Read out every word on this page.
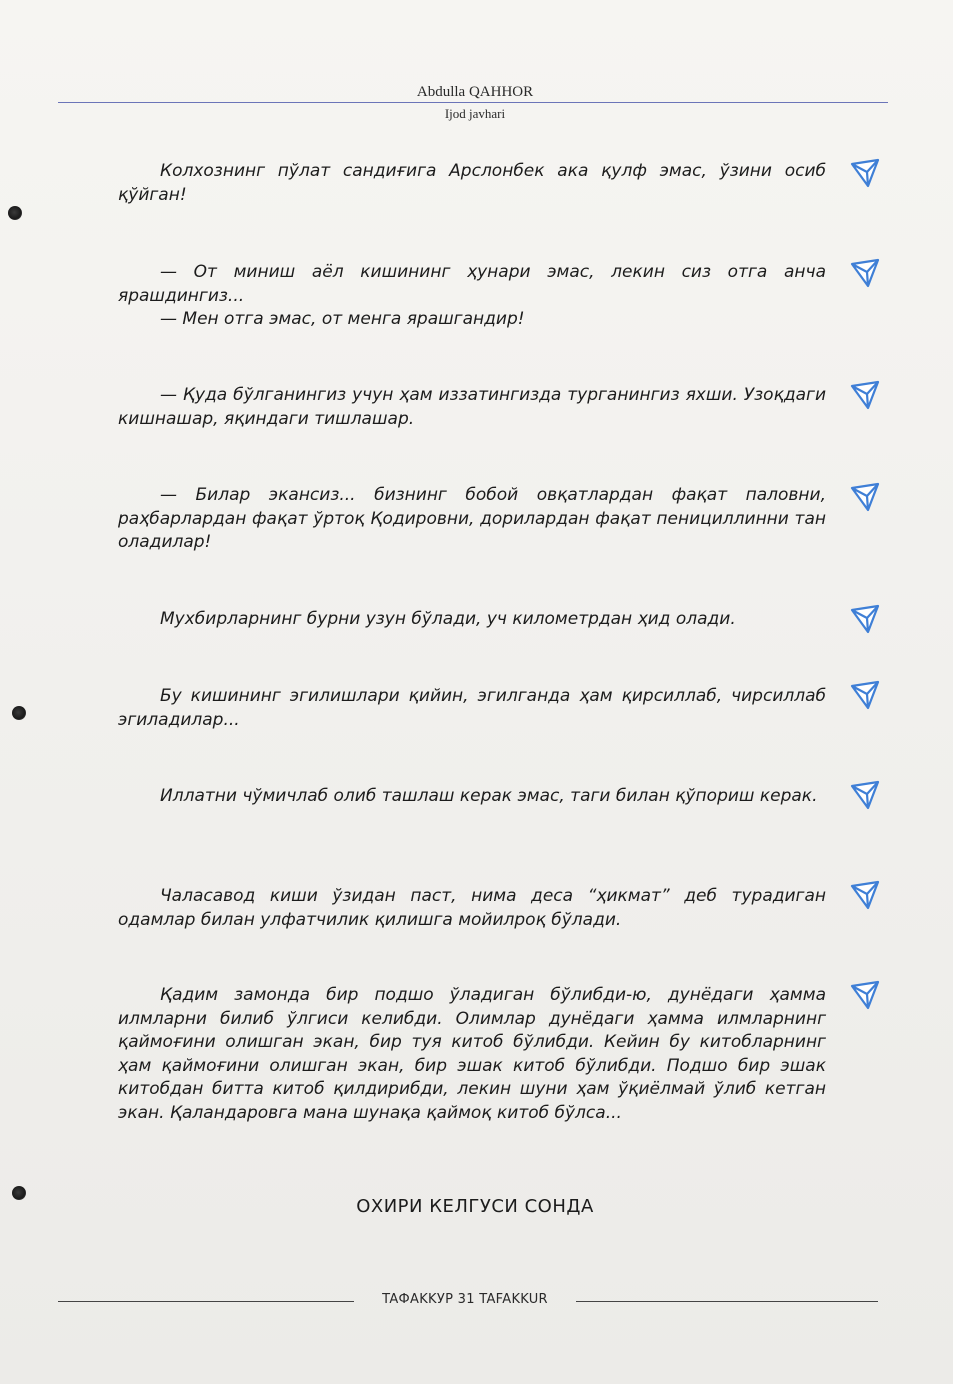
Abdulla QAHHOR
Ijod javhari
Колхознинг пўлат сандиғига Арслонбек ака қулф эмас, ўзини осиб қўйган!
— От миниш аёл кишининг ҳунари эмас, лекин сиз отга анча ярашдингиз...
— Мен отга эмас, от менга ярашгандир!
— Қуда бўлганингиз учун ҳам иззатингизда турганингиз яхши. Узоқдаги кишнашар, яқиндаги тишлашар.
— Билар экансиз... бизнинг бобой овқатлардан фақат паловни, раҳбарлардан фақат ўртоқ Қодировни, дорилардан фақат пенициллинни тан оладилар!
Мухбирларнинг бурни узун бўлади, уч километрдан ҳид олади.
Бу кишининг эгилишлари қийин, эгилганда ҳам қирсиллаб, чирсиллаб эгиладилар...
Иллатни чўмичлаб олиб ташлаш керак эмас, таги билан қўпориш керак.
Чаласавод киши ўзидан паст, нима деса “ҳикмат” деб турадиган одамлар билан улфатчилик қилишга мойилроқ бўлади.
Қадим замонда бир подшо ўладиган бўлибди-ю, дунёдаги ҳамма илмларни билиб ўлгиси келибди. Олимлар дунёдаги ҳамма илмларнинг қаймоғини олишган экан, бир туя китоб бўлибди. Кейин бу китобларнинг ҳам қаймоғини олишган экан, бир эшак китоб бўлибди. Подшо бир эшак китобдан битта китоб қилдирибди, лекин шуни ҳам ўқиёлмай ўлиб кетган экан. Қаландаровга мана шунақа қаймоқ китоб бўлса...
ОХИРИ КЕЛГУСИ СОНДА
TAФAKKУP 31 TAFAKKUR
